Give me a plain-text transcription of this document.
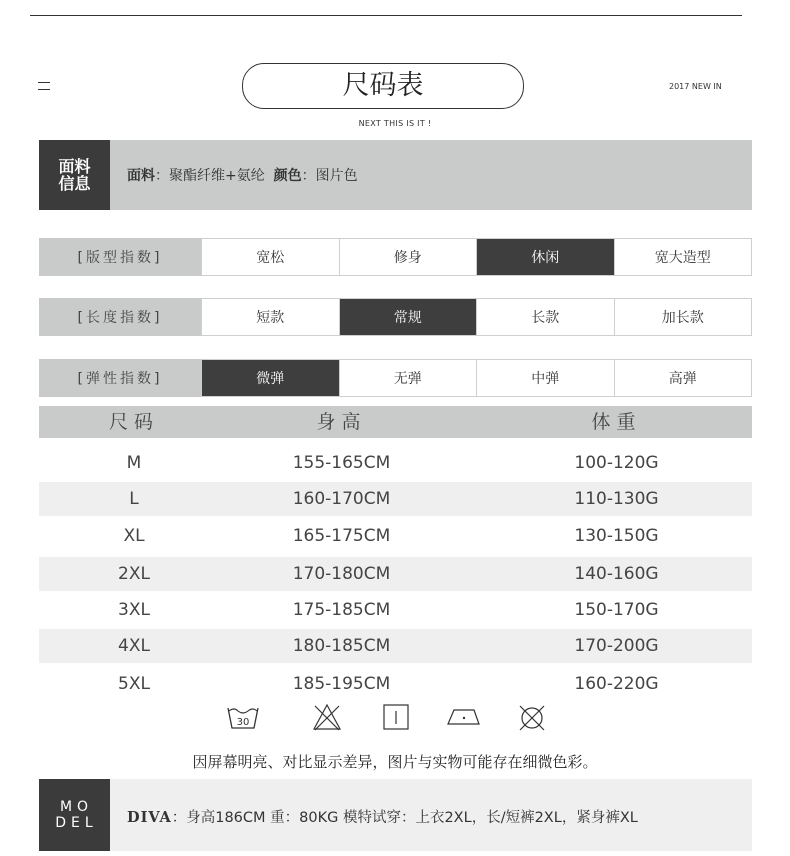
尺码表
NEXT THIS IS IT !
2017 NEW IN
面料
信息	面料：聚酯纤维+氨纶 颜色：图片色
[版型指数]	宽松	修身	休闲	宽大造型
[长度指数]	短款	常规	长款	加长款
[弹性指数]	微弹	无弹	中弹	高弹
尺码	身高	体重
M	155-165CM	100-120G
L	160-170CM	110-130G
XL	165-175CM	130-150G
2XL	170-180CM	140-160G
3XL	175-185CM	150-170G
4XL	180-185CM	170-200G
5XL	185-195CM	160-220G
30
因屏幕明亮、对比显示差异，图片与实物可能存在细微色彩。
MO
DEL	DIVA：身高186CM 重：80KG 模特试穿：上衣2XL，长/短裤2XL，紧身裤XL
